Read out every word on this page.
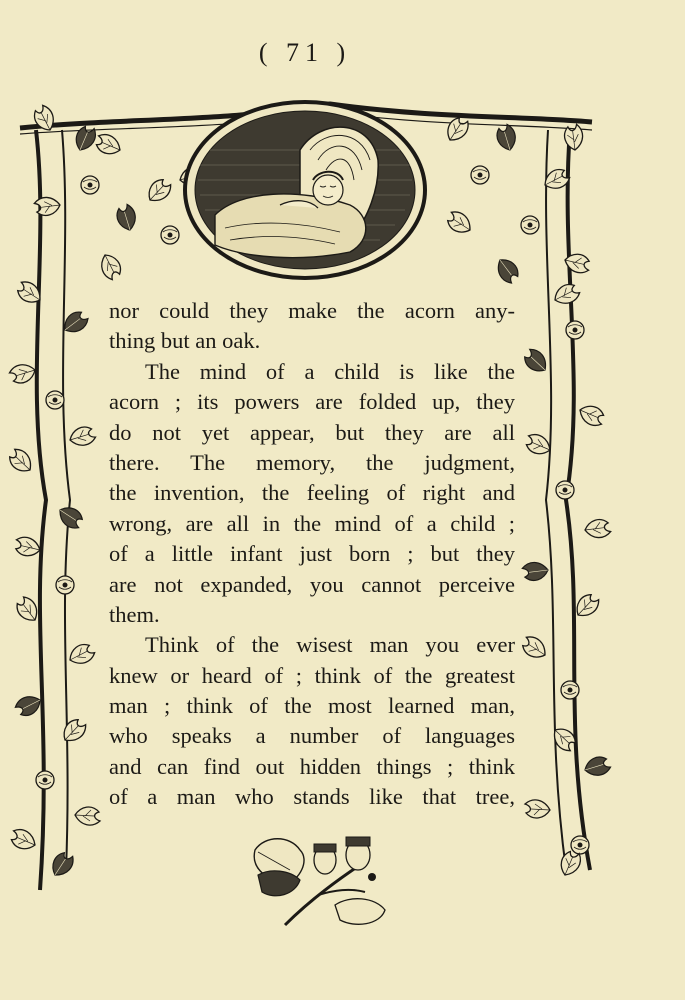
( 71 )
nor could they make the acorn any-
thing but an oak.
The mind of a child is like the
acorn ; its powers are folded up, they
do not yet appear, but they are all
there. The memory, the judgment,
the invention, the feeling of right and
wrong, are all in the mind of a child ;
of a little infant just born ; but they
are not expanded, you cannot perceive
them.
Think of the wisest man you ever
knew or heard of ; think of the greatest
man ; think of the most learned man,
who speaks a number of languages
and can find out hidden things ; think
of a man who stands like that tree,
